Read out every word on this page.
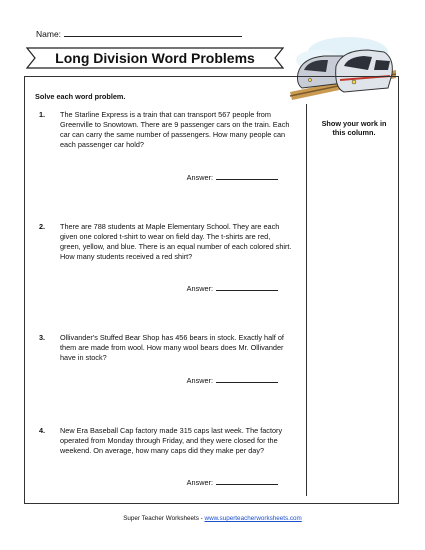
Name:
Long Division Word Problems
Solve each word problem.
Show your work in this column.
1. The Starline Express is a train that can transport 567 people from Greenville to Snowtown. There are 9 passenger cars on the train. Each car can carry the same number of passengers. How many people can each passenger car hold?
Answer:
2. There are 788 students at Maple Elementary School. They are each given one colored t-shirt to wear on field day. The t-shirts are red, green, yellow, and blue. There is an equal number of each colored shirt. How many students received a red shirt?
Answer:
3. Ollivander's Stuffed Bear Shop has 456 bears in stock. Exactly half of them are made from wool. How many wool bears does Mr. Ollivander have in stock?
Answer:
4. New Era Baseball Cap factory made 315 caps last week. The factory operated from Monday through Friday, and they were closed for the weekend. On average, how many caps did they make per day?
Answer:
Super Teacher Worksheets - www.superteacherworksheets.com
